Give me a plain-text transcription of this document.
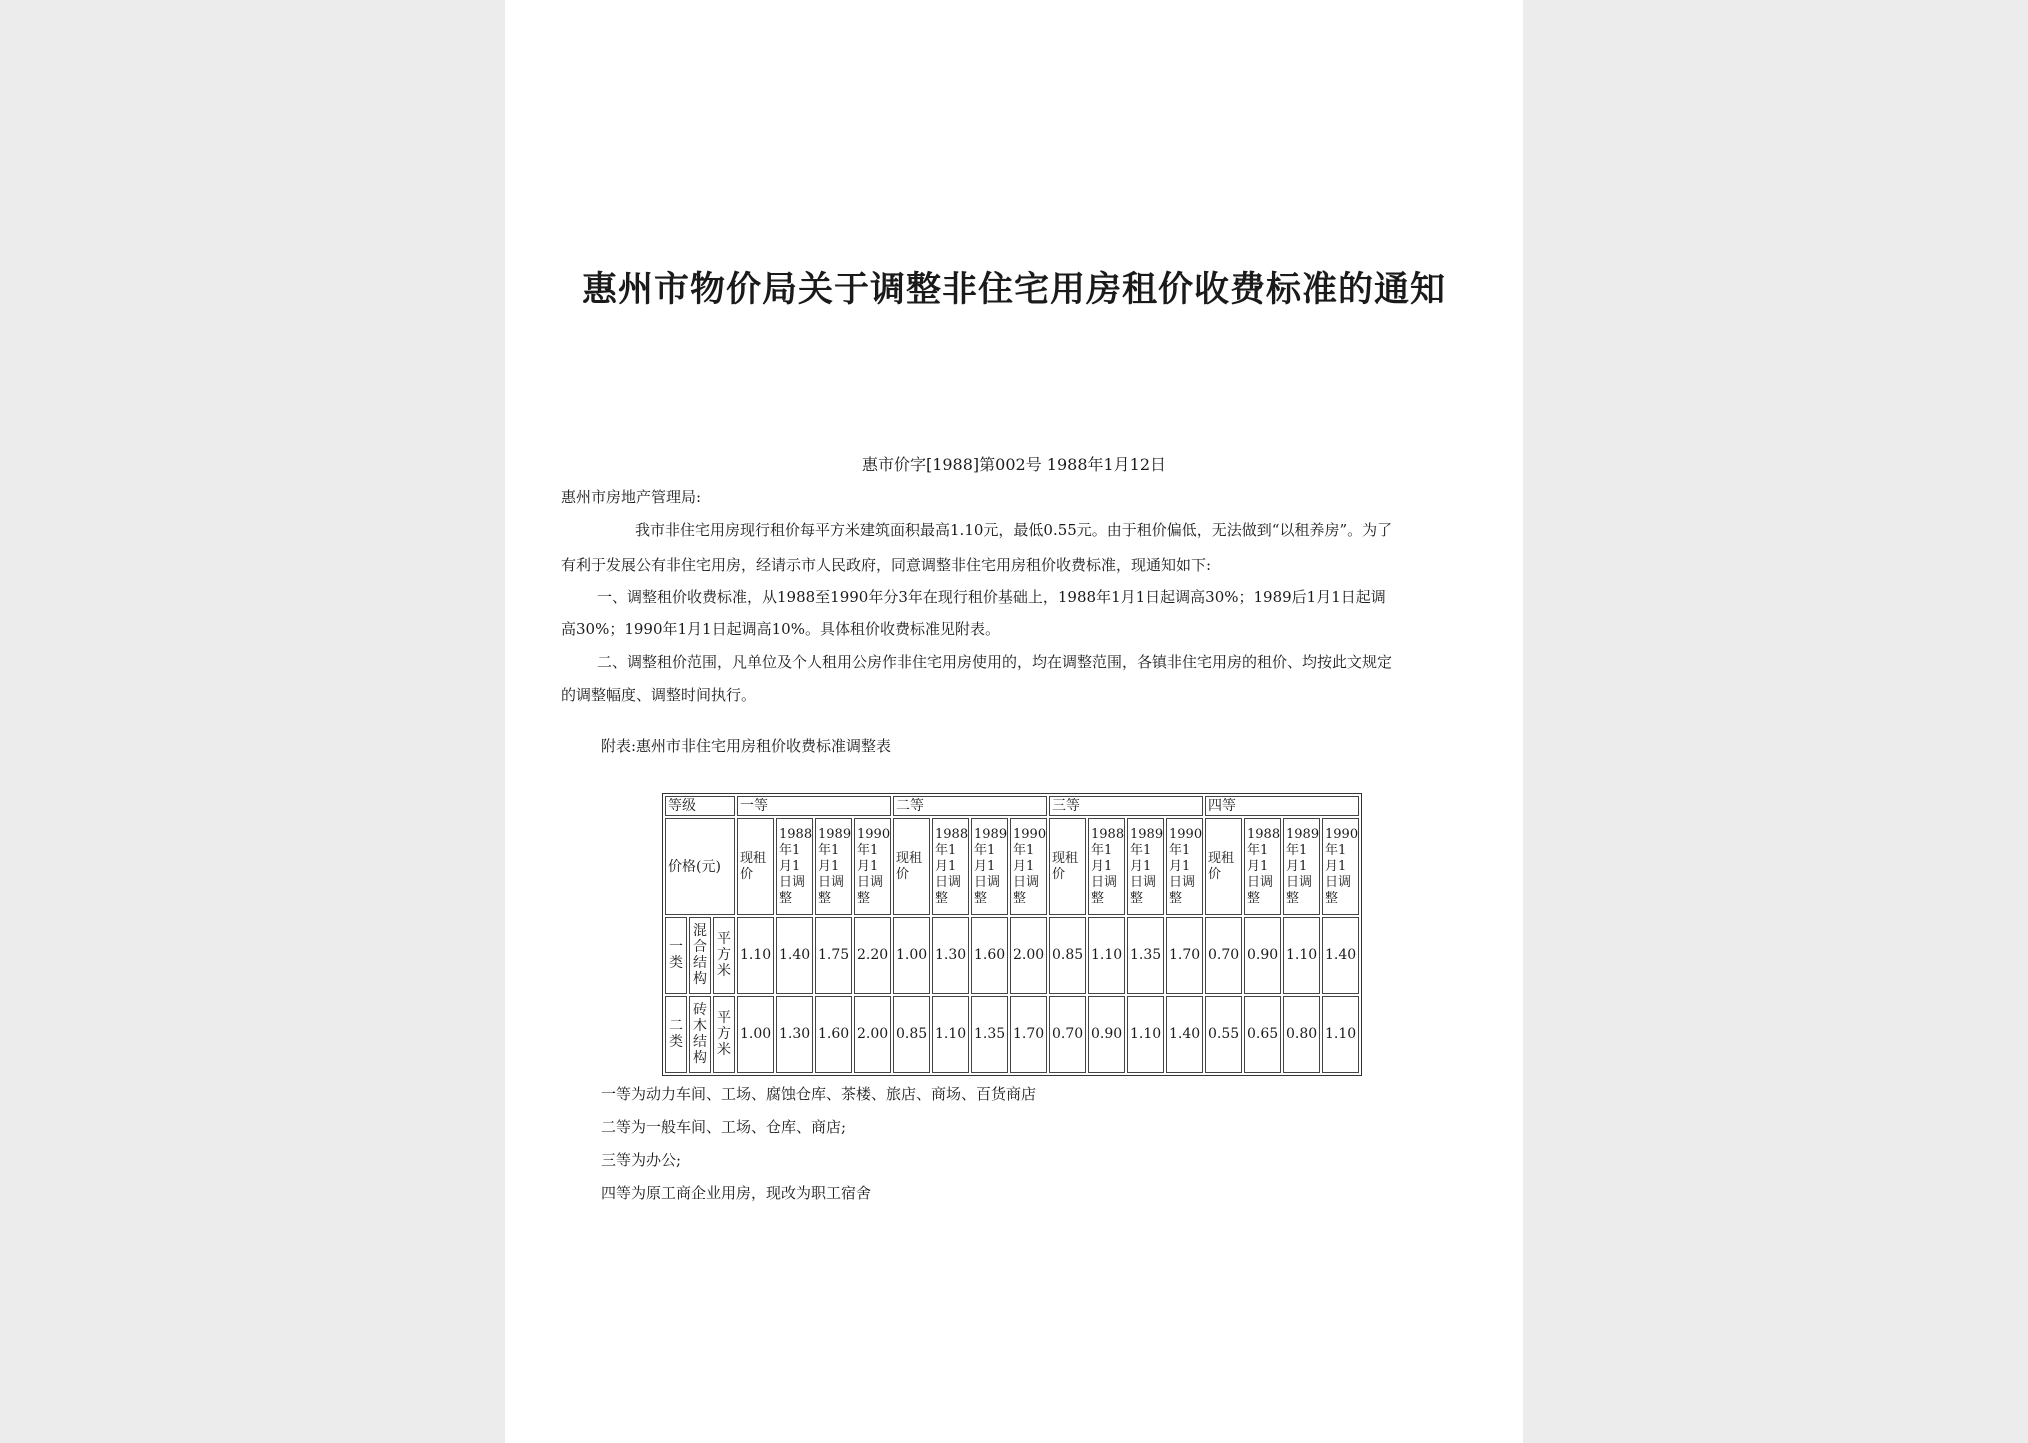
惠州市物价局关于调整非住宅用房租价收费标准的通知
惠市价字[1988]第002号 1988年1月12日
惠州市房地产管理局:
我市非住宅用房现行租价每平方米建筑面积最高1.10元，最低0.55元。由于租价偏低，无法做到“以租养房”。为了
有利于发展公有非住宅用房，经请示市人民政府，同意调整非住宅用房租价收费标准，现通知如下:
一、调整租价收费标准，从1988至1990年分3年在现行租价基础上，1988年1月1日起调高30%；1989后1月1日起调
高30%；1990年1月1日起调高10%。具体租价收费标准见附表。
二、调整租价范围，凡单位及个人租用公房作非住宅用房使用的，均在调整范围，各镇非住宅用房的租价、均按此文规定
的调整幅度、调整时间执行。
附表:惠州市非住宅用房租价收费标准调整表
等级			一等				二等				三等				四等			
价格(元)			现租价	1988年1月1日调整	1989年1月1日调整	1990年1月1日调整	现租价	1988年1月1日调整	1989年1月1日调整	1990年1月1日调整	现租价	1988年1月1日调整	1989年1月1日调整	1990年1月1日调整	现租价	1988年1月1日调整	1989年1月1日调整	1990年1月1日调整
一类	混合结构	平方米	1.10	1.40	1.75	2.20	1.00	1.30	1.60	2.00	0.85	1.10	1.35	1.70	0.70	0.90	1.10	1.40
二类	砖木结构	平方米	1.00	1.30	1.60	2.00	0.85	1.10	1.35	1.70	0.70	0.90	1.10	1.40	0.55	0.65	0.80	1.10
一等为动力车间、工场、腐蚀仓库、茶楼、旅店、商场、百货商店
二等为一般车间、工场、仓库、商店;
三等为办公;
四等为原工商企业用房，现改为职工宿舍
